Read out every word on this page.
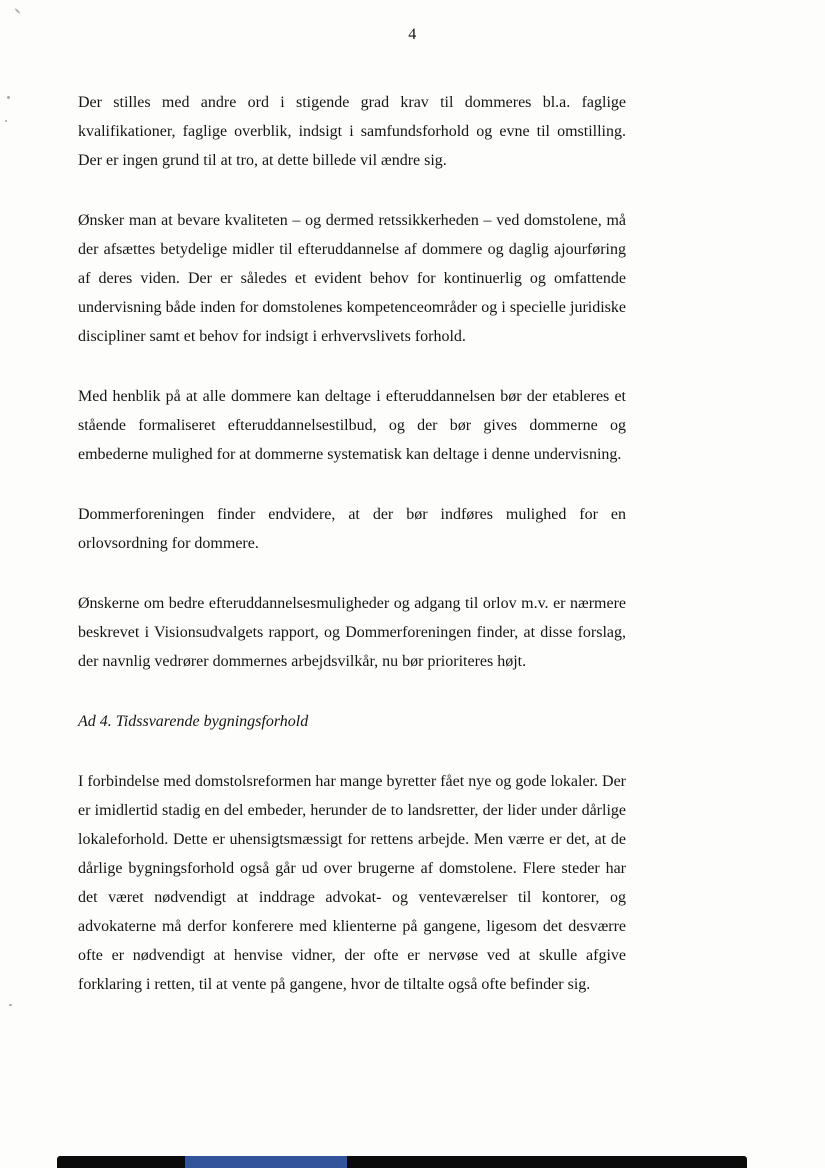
4

Der stilles med andre ord i stigende grad krav til dommeres bl.a. faglige kvalifikationer, faglige overblik, indsigt i samfundsforhold og evne til omstilling. Der er ingen grund til at tro, at dette billede vil ændre sig.

Ønsker man at bevare kvaliteten – og dermed retssikkerheden – ved domstolene, må der afsættes betydelige midler til efteruddannelse af dommere og daglig ajourføring af deres viden. Der er således et evident behov for kontinuerlig og omfattende undervisning både inden for domstolenes kompetenceområder og i specielle juridiske discipliner samt et behov for indsigt i erhvervslivets forhold.

Med henblik på at alle dommere kan deltage i efteruddannelsen bør der etableres et stående formaliseret efteruddannelsestilbud, og der bør gives dommerne og embederne mulighed for at dommerne systematisk kan deltage i denne undervisning.

Dommerforeningen finder endvidere, at der bør indføres mulighed for en orlovsordning for dommere.

Ønskerne om bedre efteruddannelsesmuligheder og adgang til orlov m.v. er nærmere beskrevet i Visionsudvalgets rapport, og Dommerforeningen finder, at disse forslag, der navnlig vedrører dommernes arbejdsvilkår, nu bør prioriteres højt.

Ad 4. Tidssvarende bygningsforhold

I forbindelse med domstolsreformen har mange byretter fået nye og gode lokaler. Der er imidlertid stadig en del embeder, herunder de to landsretter, der lider under dårlige lokaleforhold. Dette er uhensigtsmæssigt for rettens arbejde. Men værre er det, at de dårlige bygningsforhold også går ud over brugerne af domstolene. Flere steder har det været nødvendigt at inddrage advokat- og venteværelser til kontorer, og advokaterne må derfor konferere med klienterne på gangene, ligesom det desværre ofte er nødvendigt at henvise vidner, der ofte er nervøse ved at skulle afgive forklaring i retten, til at vente på gangene, hvor de tiltalte også ofte befinder sig.
